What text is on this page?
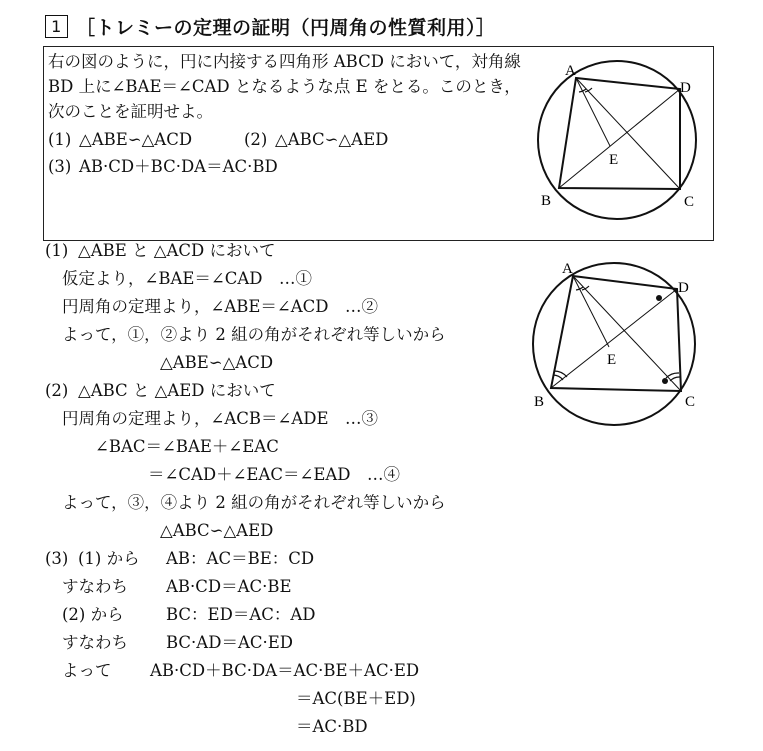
1 ［トレミーの定理の証明（円周角の性質利用）］
右の図のように，円に内接する四角形 ABCD において，対角線
BD 上に∠BAE＝∠CAD となるような点 E をとる。このとき，
次のことを証明せよ。
(1) △ABE∽△ACD	(2) △ABC∽△AED
(3) AB·CD＋BC·DA＝AC·BD
A
B	C
D
E
A
B	C
D
E
(1) △ABE と △ACD において
仮定より，∠BAE＝∠CAD　…①
円周角の定理より，∠ABE＝∠ACD　…②
よって，①，②より 2 組の角がそれぞれ等しいから
△ABE∽△ACD
(2) △ABC と △AED において
円周角の定理より，∠ACB＝∠ADE　…③
∠BAC＝∠BAE＋∠EAC
＝∠CAD＋∠EAC＝∠EAD　…④
よって，③，④より 2 組の角がそれぞれ等しいから
△ABC∽△AED
(3) (1) から AB：AC＝BE：CD
すなわち AB·CD＝AC·BE
(2) から	BC：ED＝AC：AD
すなわち BC·AD＝AC·ED
よって AB·CD＋BC·DA＝AC·BE＋AC·ED
＝AC(BE＋ED)
＝AC·BD
